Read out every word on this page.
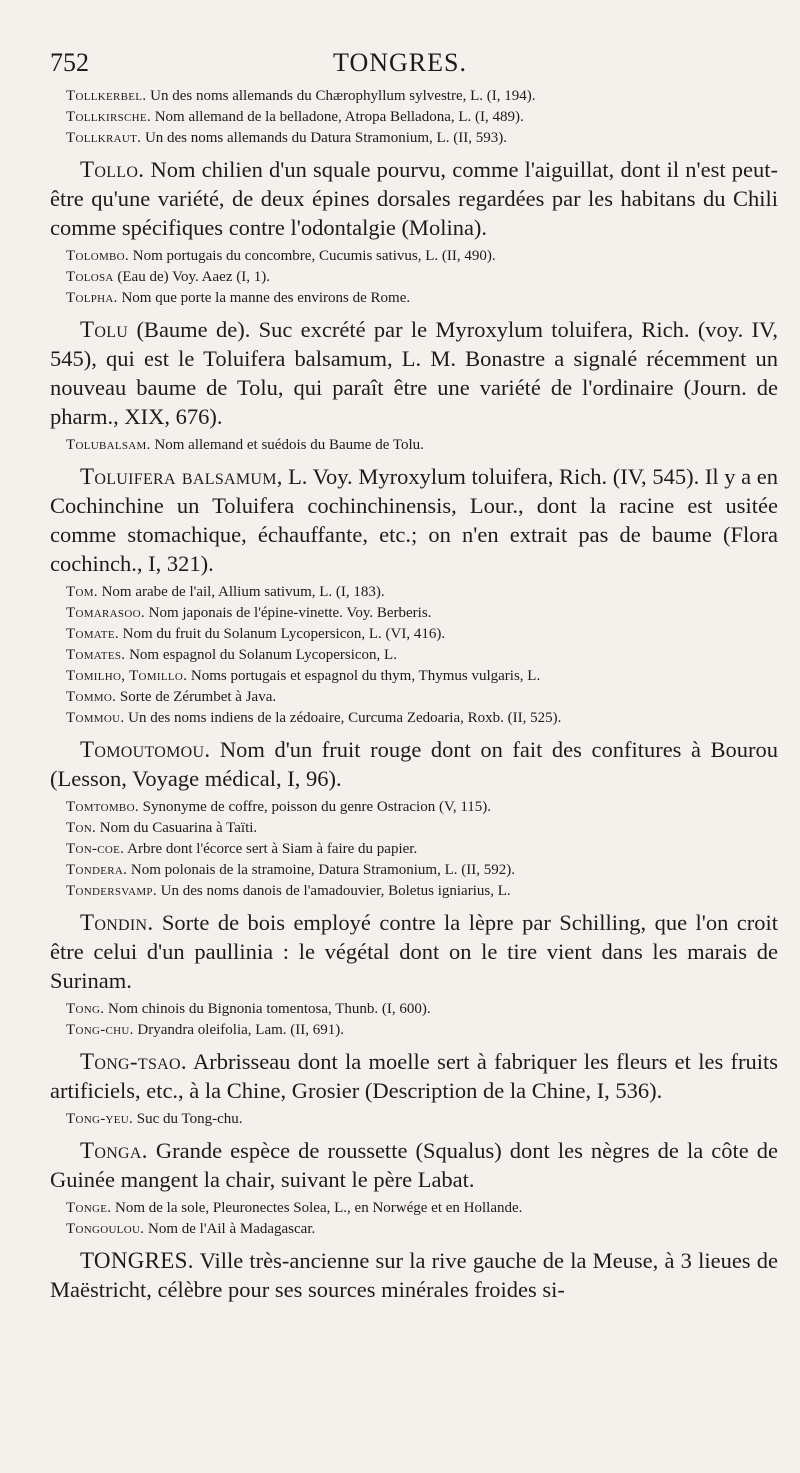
752	TONGRES.

Tollkerbel. Un des noms allemands du Chærophyllum sylvestre, L. (I, 194).

Tollkirsche. Nom allemand de la belladone, Atropa Belladona, L. (I, 489).

Tollkraut. Un des noms allemands du Datura Stramonium, L. (II, 593).

Tollo. Nom chilien d'un squale pourvu, comme l'aiguillat, dont il n'est peut-être qu'une variété, de deux épines dorsales regardées par les habitans du Chili comme spécifiques contre l'odontalgie (Molina).

Tolombo. Nom portugais du concombre, Cucumis sativus, L. (II, 490).

Tolosa (Eau de) Voy. Aaez (I, 1).

Tolpha. Nom que porte la manne des environs de Rome.

Tolu (Baume de). Suc excrété par le Myroxylum toluifera, Rich. (voy. IV, 545), qui est le Toluifera balsamum, L. M. Bonastre a signalé récemment un nouveau baume de Tolu, qui paraît être une variété de l'ordinaire (Journ. de pharm., XIX, 676).

Tolubalsam. Nom allemand et suédois du Baume de Tolu.

Toluifera balsamum, L. Voy. Myroxylum toluifera, Rich. (IV, 545). Il y a en Cochinchine un Toluifera cochinchinensis, Lour., dont la racine est usitée comme stomachique, échauffante, etc.; on n'en extrait pas de baume (Flora cochinch., I, 321).

Tom. Nom arabe de l'ail, Allium sativum, L. (I, 183).

Tomarasoo. Nom japonais de l'épine-vinette. Voy. Berberis.

Tomate. Nom du fruit du Solanum Lycopersicon, L. (VI, 416).

Tomates. Nom espagnol du Solanum Lycopersicon, L.

Tomilho, Tomillo. Noms portugais et espagnol du thym, Thymus vulgaris, L.

Tommo. Sorte de Zérumbet à Java.

Tommou. Un des noms indiens de la zédoaire, Curcuma Zedoaria, Roxb. (II, 525).

Tomoutomou. Nom d'un fruit rouge dont on fait des confitures à Bourou (Lesson, Voyage médical, I, 96).

Tomtombo. Synonyme de coffre, poisson du genre Ostracion (V, 115).

Ton. Nom du Casuarina à Taïti.

Ton-coe. Arbre dont l'écorce sert à Siam à faire du papier.

Tondera. Nom polonais de la stramoine, Datura Stramonium, L. (II, 592).

Tondersvamp. Un des noms danois de l'amadouvier, Boletus igniarius, L.

Tondin. Sorte de bois employé contre la lèpre par Schilling, que l'on croit être celui d'un paullinia : le végétal dont on le tire vient dans les marais de Surinam.

Tong. Nom chinois du Bignonia tomentosa, Thunb. (I, 600).

Tong-chu. Dryandra oleifolia, Lam. (II, 691).

Tong-tsao. Arbrisseau dont la moelle sert à fabriquer les fleurs et les fruits artificiels, etc., à la Chine, Grosier (Description de la Chine, I, 536).

Tong-yeu. Suc du Tong-chu.

Tonga. Grande espèce de roussette (Squalus) dont les nègres de la côte de Guinée mangent la chair, suivant le père Labat.

Tonge. Nom de la sole, Pleuronectes Solea, L., en Norwége et en Hollande.

Tongoulou. Nom de l'Ail à Madagascar.

TONGRES. Ville très-ancienne sur la rive gauche de la Meuse, à 3 lieues de Maëstricht, célèbre pour ses sources minérales froides si-
